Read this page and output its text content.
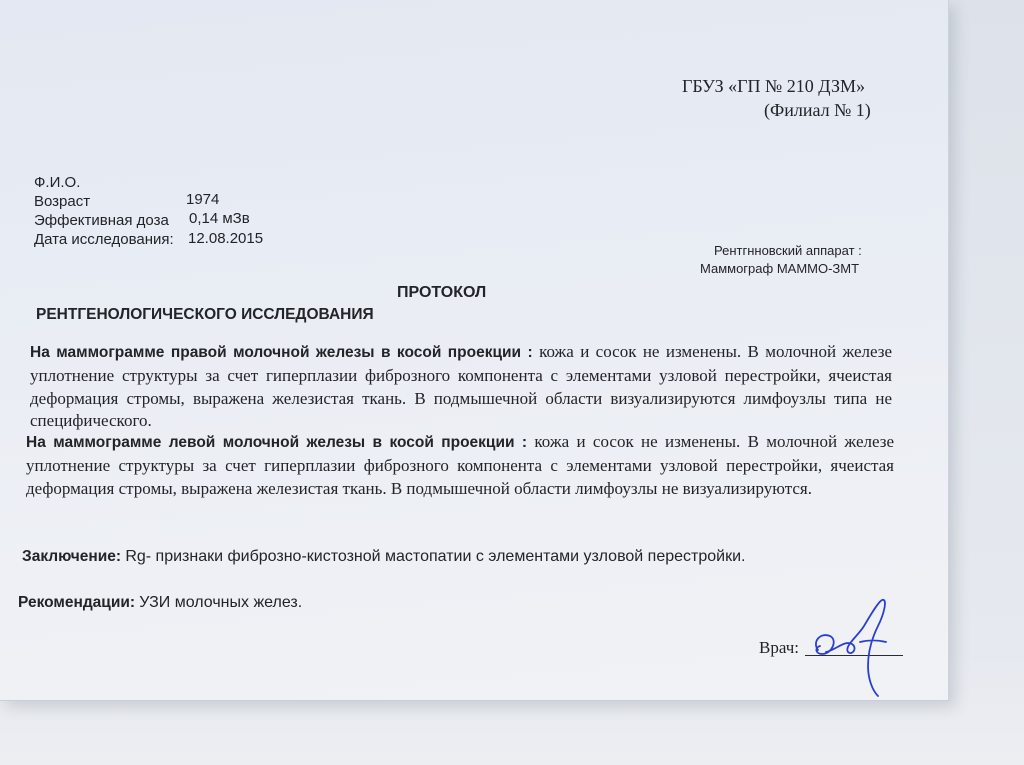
ГБУЗ «ГП № 210 ДЗМ»
(Филиал № 1)
Ф.И.О.
Возраст	1974
Эффективная доза 0,14 мЗв
Дата исследования: 12.08.2015
Рентгнновский аппарат :
Маммограф МАММО-ЗМТ
ПРОТОКОЛ
РЕНТГЕНОЛОГИЧЕСКОГО ИССЛЕДОВАНИЯ

На маммограмме правой молочной железы в косой проекции : кожа и сосок не изменены. В молочной железе уплотнение структуры за счет гиперплазии фиброзного компонента с элементами узловой перестройки, ячеистая деформация стромы, выражена железистая ткань. В подмышечной области визуализируются лимфоузлы типа не специфического.

На маммограмме левой молочной железы в косой проекции : кожа и сосок не изменены. В молочной железе уплотнение структуры за счет гиперплазии фиброзного компонента с элементами узловой перестройки, ячеистая деформация стромы, выражена железистая ткань. В подмышечной области лимфоузлы не визуализируются.

Заключение: Rg- признаки фиброзно-кистозной мастопатии с элементами узловой перестройки.
Рекомендации: УЗИ молочных желез.
Врач:
